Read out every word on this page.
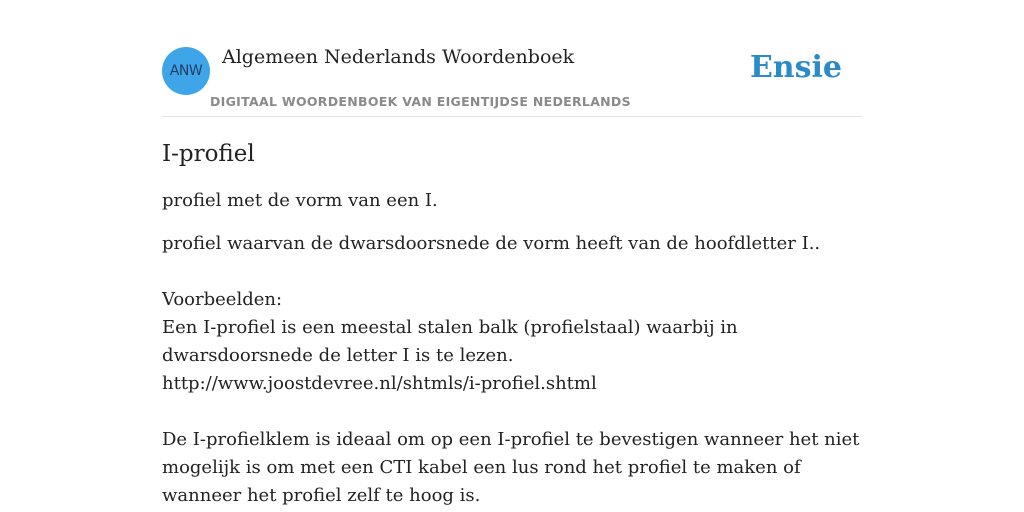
ANW
Algemeen Nederlands Woordenboek
DIGITAAL WOORDENBOEK VAN EIGENTIJDSE NEDERLANDS
Ensie
I-profiel
profiel met de vorm van een I.
profiel waarvan de dwarsdoorsnede de vorm heeft van de hoofdletter I..
Voorbeelden:
Een I-profiel is een meestal stalen balk (profielstaal) waarbij in dwarsdoorsnede de letter I is te lezen.
http://www.joostdevree.nl/shtmls/i-profiel.shtml
De I-profielklem is ideaal om op een I-profiel te bevestigen wanneer het niet mogelijk is om met een CTI kabel een lus rond het profiel te maken of wanneer het profiel zelf te hoog is.
